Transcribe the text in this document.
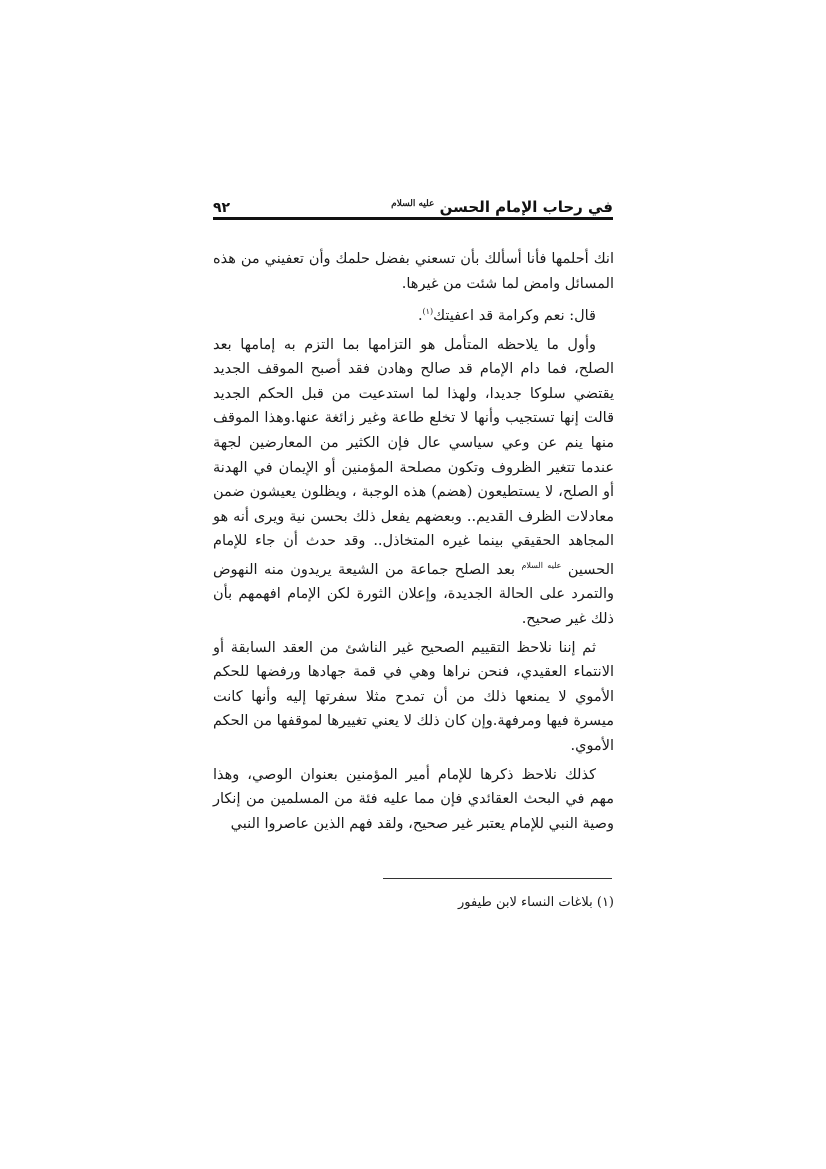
في رحاب الإمام الحسن $^{عليه السلام}$
٩٢

انك أحلمها فأنا أسألك بأن تسعني بفضل حلمك وأن تعفيني من هذه المسائل وامض لما شئت من غيرها.

قال: نعم وكرامة قد اعفيتك$^{(١)}$.

وأول ما يلاحظه المتأمل هو التزامها بما التزم به إمامها بعد الصلح، فما دام الإمام قد صالح وهادن فقد أصبح الموقف الجديد يقتضي سلوكا جديدا، ولهذا لما استدعيت من قبل الحكم الجديد قالت إنها تستجيب وأنها لا تخلع طاعة وغير زائغة عنها.وهذا الموقف منها ينم عن وعي سياسي عال فإن الكثير من المعارضين لجهة عندما تتغير الظروف وتكون مصلحة المؤمنين أو الإيمان في الهدنة أو الصلح، لا يستطيعون (هضم) هذه الوجبة ، ويظلون يعيشون ضمن معادلات الظرف القديم.. وبعضهم يفعل ذلك بحسن نية ويرى أنه هو المجاهد الحقيقي بينما غيره المتخاذل.. وقد حدث أن جاء للإمام الحسين $^{عليه السلام}$ بعد الصلح جماعة من الشيعة يريدون منه النهوض والتمرد على الحالة الجديدة، وإعلان الثورة لكن الإمام افهمهم بأن ذلك غير صحيح.

ثم إننا نلاحظ التقييم الصحيح غير الناشئ من العقد السابقة أو الانتماء العقيدي، فنحن نراها وهي في قمة جهادها ورفضها للحكم الأموي لا يمنعها ذلك من أن تمدح مثلا سفرتها إليه وأنها كانت ميسرة فيها ومرفهة.وإن كان ذلك لا يعني تغييرها لموقفها من الحكم الأموي.

كذلك نلاحظ ذكرها للإمام أمير المؤمنين بعنوان الوصي، وهذا مهم في البحث العقائدي فإن مما عليه فئة من المسلمين من إنكار وصية النبي للإمام يعتبر غير صحيح، ولقد فهم الذين عاصروا النبي

(١) بلاغات النساء لابن طيفور
